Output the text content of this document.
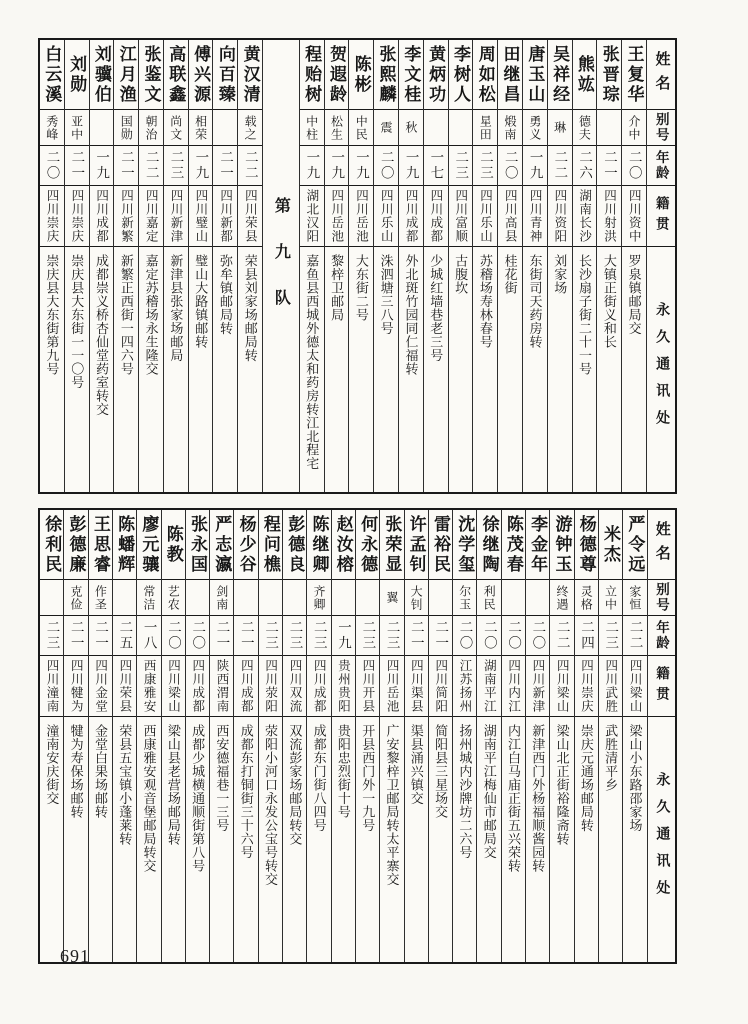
姓名
别号
年龄
籍贯
永久通讯处
王复华
介中
二〇
四川资中
罗泉镇邮局交
张晋琮
二一
四川射洪
大镇正街义和长
熊竑
德夫
二六
湖南长沙
长沙扇子街二十一号
吴祥经
琳
二二
四川资阳
刘家场
唐玉山
勇义
一九
四川青神
东街司天药房转
田继昌
煅南
二〇
四川高县
桂花街
周如松
星田
二三
四川乐山
苏稽场寿林春号
李树人
二三
四川富顺
古腹坎
黄炳功
一七
四川成都
少城红墙巷老三号
李文桂
秋
一九
四川成都
外北斑竹园同仁福转
张熙麟
震
二〇
四川乐山
洙泗塘三八号
陈彬
中民
一九
四川岳池
大东街二号
贺遐龄
松生
一九
四川岳池
黎梓卫邮局
程贻树
中柱
一九
湖北汉阳
嘉鱼县西城外德太和药房转江北程宅
第九队
黄汉清
载之
二二
四川荣县
荣县刘家场邮局转
向百臻
二一
四川新都
弥牟镇邮局转
傅兴源
相荣
一九
四川璧山
璧山大路镇邮转
高联鑫
尚文
二三
四川新津
新津县张家场邮局
张鉴文
朝治
二二
四川嘉定
嘉定苏稽场永生隆交
江月渔
国勋
二一
四川新繁
新繁正西街一四六号
刘骥伯
一九
四川成都
成都崇义桥杏仙堂药室转交
刘勋
亚中
二一
四川崇庆
崇庆县大东街一一〇号
白云溪
秀峰
二〇
四川崇庆
崇庆县大东街第九号
姓名
别号
年龄
籍贯
永久通讯处
严令远
家恒
二二
四川梁山
梁山小东路邵家场
米杰
立中
二三
四川武胜
武胜清平乡
杨德尊
灵格
二四
四川崇庆
崇庆元通场邮局转
游钟玉
终遇
二二
四川梁山
梁山北正街裕隆斋转
李金年
二〇
四川新津
新津西门外杨福顺酱园转
陈茂春
二〇
四川内江
内江白马庙正街五兴荣转
徐继陶
利民
二〇
湖南平江
湖南平江梅仙市邮局交
沈学玺
尔玉
二〇
江苏扬州
扬州城内沙牌坊二六号
雷裕民
二一
四川简阳
简阳县三星场交
许孟钊
大钊
二一
四川渠县
渠县涌兴镇交
张荣显
翼
二三
四川岳池
广安黎梓卫邮局转太平寨交
何永德
二三
四川开县
开县西门外一九号
赵汝榕
一九
贵州贵阳
贵阳忠烈街十号
陈继卿
齐卿
二三
四川成都
成都东门街八四号
彭德良
二三
四川双流
双流彭家场邮局转交
程问樵
二三
四川荥阳
荥阳小河口永发公宝号转交
杨少谷
二一
四川成都
成都东打铜街三十六号
严志瀛
剑南
二一
陕西渭南
西安德福巷一三号
张永国
二〇
四川成都
成都少城横通顺街第八号
陈教
艺农
二〇
四川梁山
梁山县老营场邮局转
廖元骧
常洁
一八
西康雅安
西康雅安观音堡邮局转交
陈蟠辉
二五
四川荣县
荣县五宝镇小蓬莱转
王思睿
作圣
二一
四川金堂
金堂白果场邮转
彭德廉
克俭
二一
四川犍为
犍为寿保场邮转
徐利民
二三
四川潼南
潼南安庆街交
691
